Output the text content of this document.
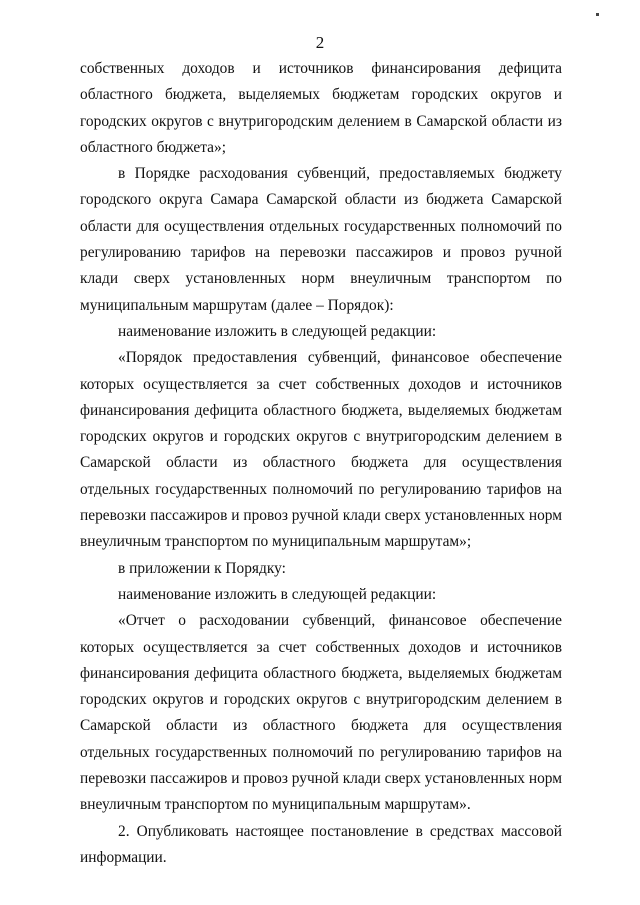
2

собственных доходов и источников финансирования дефицита областного бюджета, выделяемых бюджетам городских округов и городских округов с внутригородским делением в Самарской области из областного бюджета»;

в Порядке расходования субвенций, предоставляемых бюджету городского округа Самара Самарской области из бюджета Самарской области для осуществления отдельных государственных полномочий по регулированию тарифов на перевозки пассажиров и провоз ручной клади сверх установленных норм внеуличным транспортом по муниципальным маршрутам (далее – Порядок):

наименование изложить в следующей редакции:

«Порядок предоставления субвенций, финансовое обеспечение которых осуществляется за счет собственных доходов и источников финансирования дефицита областного бюджета, выделяемых бюджетам городских округов и городских округов с внутригородским делением в Самарской области из областного бюджета для осуществления отдельных государственных полномочий по регулированию тарифов на перевозки пассажиров и провоз ручной клади сверх установленных норм внеуличным транспортом по муниципальным маршрутам»;

в приложении к Порядку:

наименование изложить в следующей редакции:

«Отчет о расходовании субвенций, финансовое обеспечение которых осуществляется за счет собственных доходов и источников финансирования дефицита областного бюджета, выделяемых бюджетам городских округов и городских округов с внутригородским делением в Самарской области из областного бюджета для осуществления отдельных государственных полномочий по регулированию тарифов на перевозки пассажиров и провоз ручной клади сверх установленных норм внеуличным транспортом по муниципальным маршрутам».

2. Опубликовать настоящее постановление в средствах массовой информации.
